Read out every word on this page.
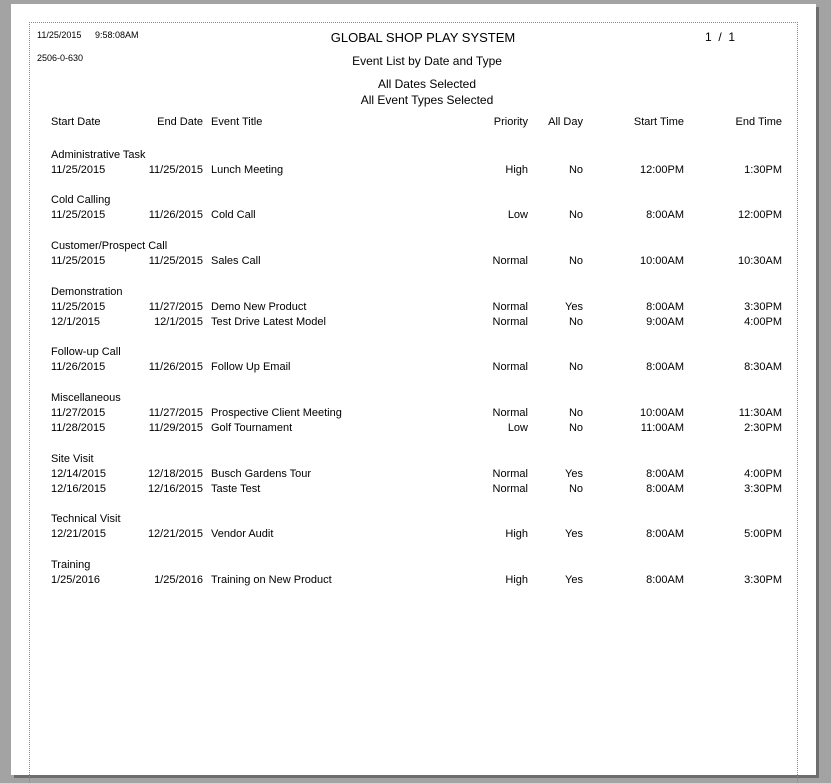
11/25/2015 9:58:08AM	GLOBAL SHOP PLAY SYSTEM	1  /  1
2506-0-630	Event List by Date and Type
All Dates Selected
All Event Types Selected
Start Date	End Date Event Title	Priority	All Day	Start Time	End Time
Administrative Task
11/25/2015	11/25/2015 Lunch Meeting	High	No	12:00PM	1:30PM
Cold Calling
11/25/2015	11/26/2015 Cold Call	Low	No	8:00AM	12:00PM
Customer/Prospect Call
11/25/2015	11/25/2015 Sales Call	Normal	No	10:00AM	10:30AM
Demonstration
11/25/2015	11/27/2015 Demo New Product	Normal	Yes	8:00AM	3:30PM
12/1/2015	12/1/2015 Test Drive Latest Model	Normal	No	9:00AM	4:00PM
Follow-up Call
11/26/2015	11/26/2015 Follow Up Email	Normal	No	8:00AM	8:30AM
Miscellaneous
11/27/2015	11/27/2015 Prospective Client Meeting	Normal	No	10:00AM	11:30AM
11/28/2015	11/29/2015 Golf Tournament	Low	No	11:00AM	2:30PM
Site Visit
12/14/2015	12/18/2015 Busch Gardens Tour	Normal	Yes	8:00AM	4:00PM
12/16/2015	12/16/2015 Taste Test	Normal	No	8:00AM	3:30PM
Technical Visit
12/21/2015	12/21/2015 Vendor Audit	High	Yes	8:00AM	5:00PM
Training
1/25/2016	1/25/2016 Training on New Product	High	Yes	8:00AM	3:30PM
